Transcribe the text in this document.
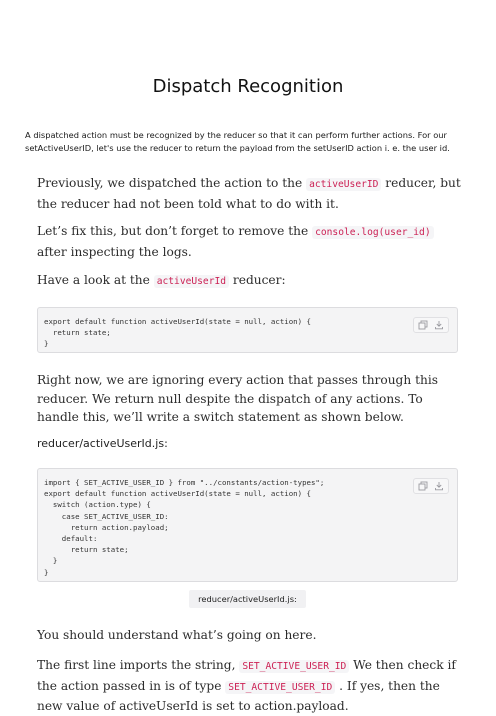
Dispatch Recognition

A dispatched action must be recognized by the reducer so that it can perform further actions. For our setActiveUserID, let's use the reducer to return the payload from the setUserID action i. e. the user id.

Previously, we dispatched the action to the activeUserID reducer, but the reducer had not been told what to do with it.

Let’s fix this, but don’t forget to remove the console.log(user_id) after inspecting the logs.

Have a look at the activeUserId reducer:

export default function activeUserId(state = null, action) {
return state;
}

Right now, we are ignoring every action that passes through this reducer. We return null despite the dispatch of any actions. To handle this, we’ll write a switch statement as shown below.

reducer/activeUserId.js:
import { SET_ACTIVE_USER_ID } from "../constants/action-types";
export default function activeUserId(state = null, action) {
switch (action.type) {
case SET_ACTIVE_USER_ID:
return action.payload;
default:
return state;
}
}
reducer/activeUserId.js:

You should understand what’s going on here.

The first line imports the string, SET_ACTIVE_USER_ID We then check if the action passed in is of type SET_ACTIVE_USER_ID . If yes, then the new value of activeUserId is set to action.payload.
